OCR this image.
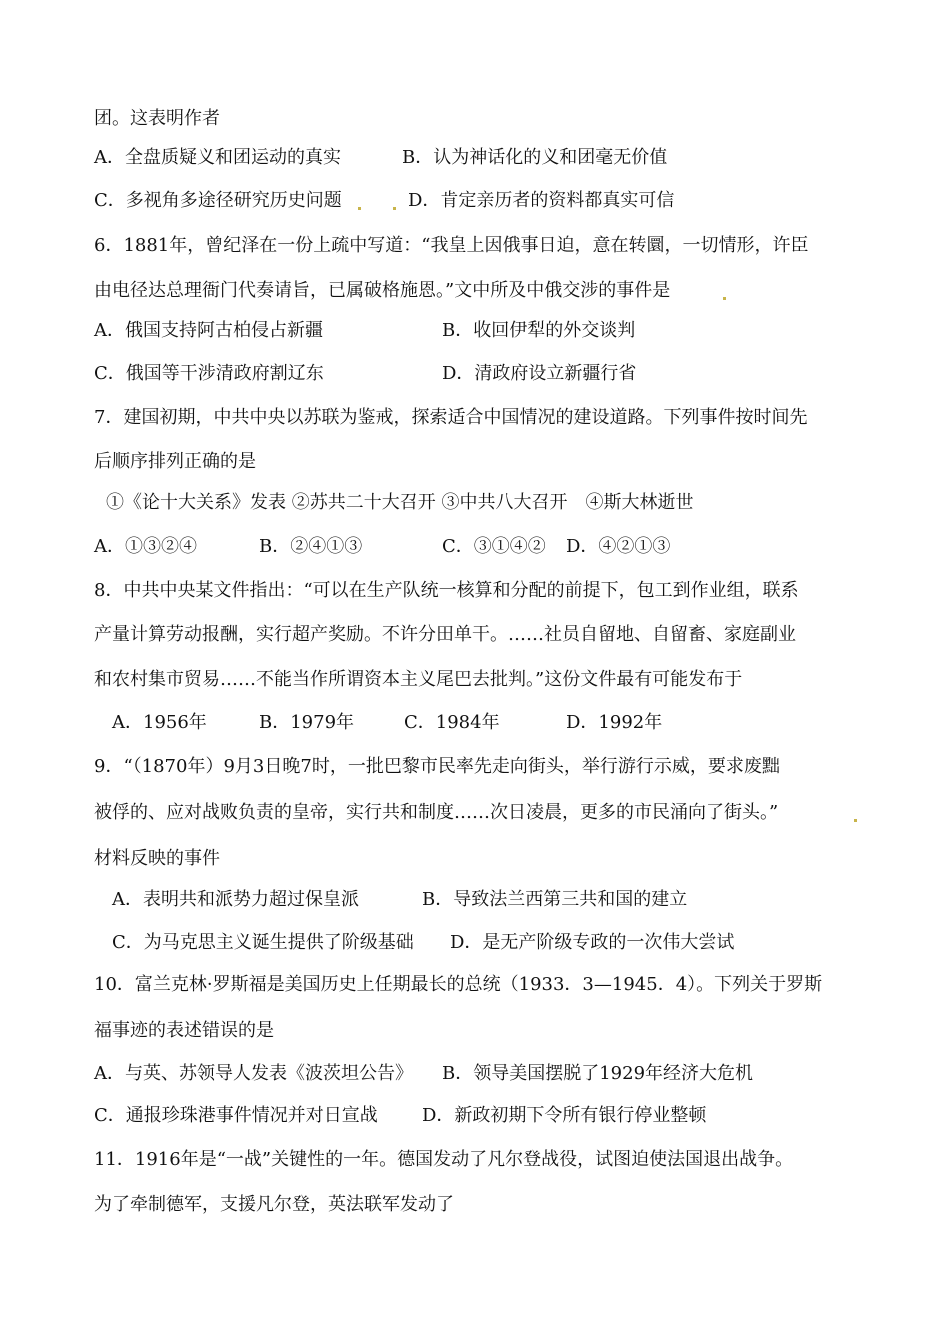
团。这表明作者
A．全盘质疑义和团运动的真实	B．认为神话化的义和团毫无价值
C．多视角多途径研究历史问题	D．肯定亲历者的资料都真实可信
6．1881年，曾纪泽在一份上疏中写道：“我皇上因俄事日迫，意在转圜，一切情形，许臣
由电径达总理衙门代奏请旨，已属破格施恩。”文中所及中俄交涉的事件是
A．俄国支持阿古柏侵占新疆	B．收回伊犁的外交谈判
C．俄国等干涉清政府割辽东	D．清政府设立新疆行省
7．建国初期，中共中央以苏联为鉴戒，探索适合中国情况的建设道路。下列事件按时间先
后顺序排列正确的是
①《论十大关系》发表 ②苏共二十大召开 ③中共八大召开　④斯大林逝世
A．①③②④	B．②④①③	C．③①④② D．④②①③
8．中共中央某文件指出：“可以在生产队统一核算和分配的前提下，包工到作业组，联系
产量计算劳动报酬，实行超产奖励。不许分田单干。……社员自留地、自留畜、家庭副业
和农村集市贸易……不能当作所谓资本主义尾巴去批判。”这份文件最有可能发布于
A．1956年	B．1979年	C．1984年	D．1992年
9．“（1870年）9月3日晚7时，一批巴黎市民率先走向街头，举行游行示威，要求废黜
被俘的、应对战败负责的皇帝，实行共和制度……次日凌晨，更多的市民涌向了街头。”
材料反映的事件
A．表明共和派势力超过保皇派	B．导致法兰西第三共和国的建立
C．为马克思主义诞生提供了阶级基础 D．是无产阶级专政的一次伟大尝试
10．富兰克林·罗斯福是美国历史上任期最长的总统（1933．3—1945．4）。下列关于罗斯
福事迹的表述错误的是
A．与英、苏领导人发表《波茨坦公告》 B．领导美国摆脱了1929年经济大危机
C．通报珍珠港事件情况并对日宣战 D．新政初期下令所有银行停业整顿
11．1916年是“一战”关键性的一年。德国发动了凡尔登战役，试图迫使法国退出战争。
为了牵制德军，支援凡尔登，英法联军发动了
